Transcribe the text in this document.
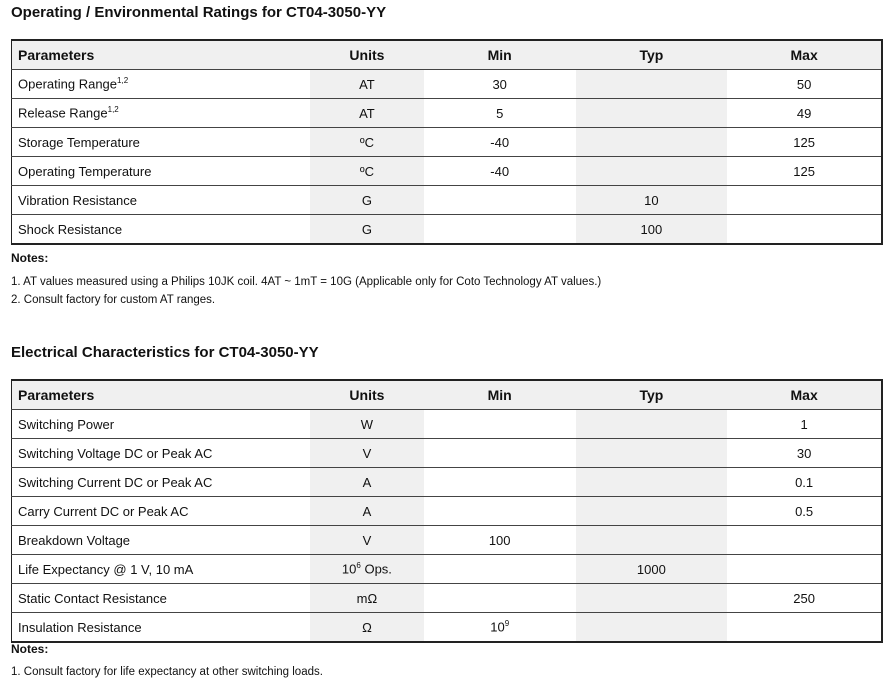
Operating / Environmental Ratings for CT04-3050-YY
Parameters	Units	Min	Typ	Max
Operating Range$^{1,2}$	AT	30		50
Release Range$^{1,2}$	AT	5		49
Storage Temperature	ºC	-40		125
Operating Temperature	ºC	-40		125
Vibration Resistance	G		10	
Shock Resistance	G		100	
Notes:
1. AT values measured using a Philips 10JK coil. 4AT ~ 1mT = 10G (Applicable only for Coto Technology AT values.)
2. Consult factory for custom AT ranges.
Electrical Characteristics for CT04-3050-YY
Parameters	Units	Min	Typ	Max
Switching Power	W			1
Switching Voltage DC or Peak AC	V			30
Switching Current DC or Peak AC	A			0.1
Carry Current DC or Peak AC	A			0.5
Breakdown Voltage	V	100		
Life Expectancy @ 1 V, 10 mA	$10^6$ Ops.		1000	
Static Contact Resistance	mΩ			250
Insulation Resistance	Ω	$10^9$		
Notes:
1. Consult factory for life expectancy at other switching loads.
